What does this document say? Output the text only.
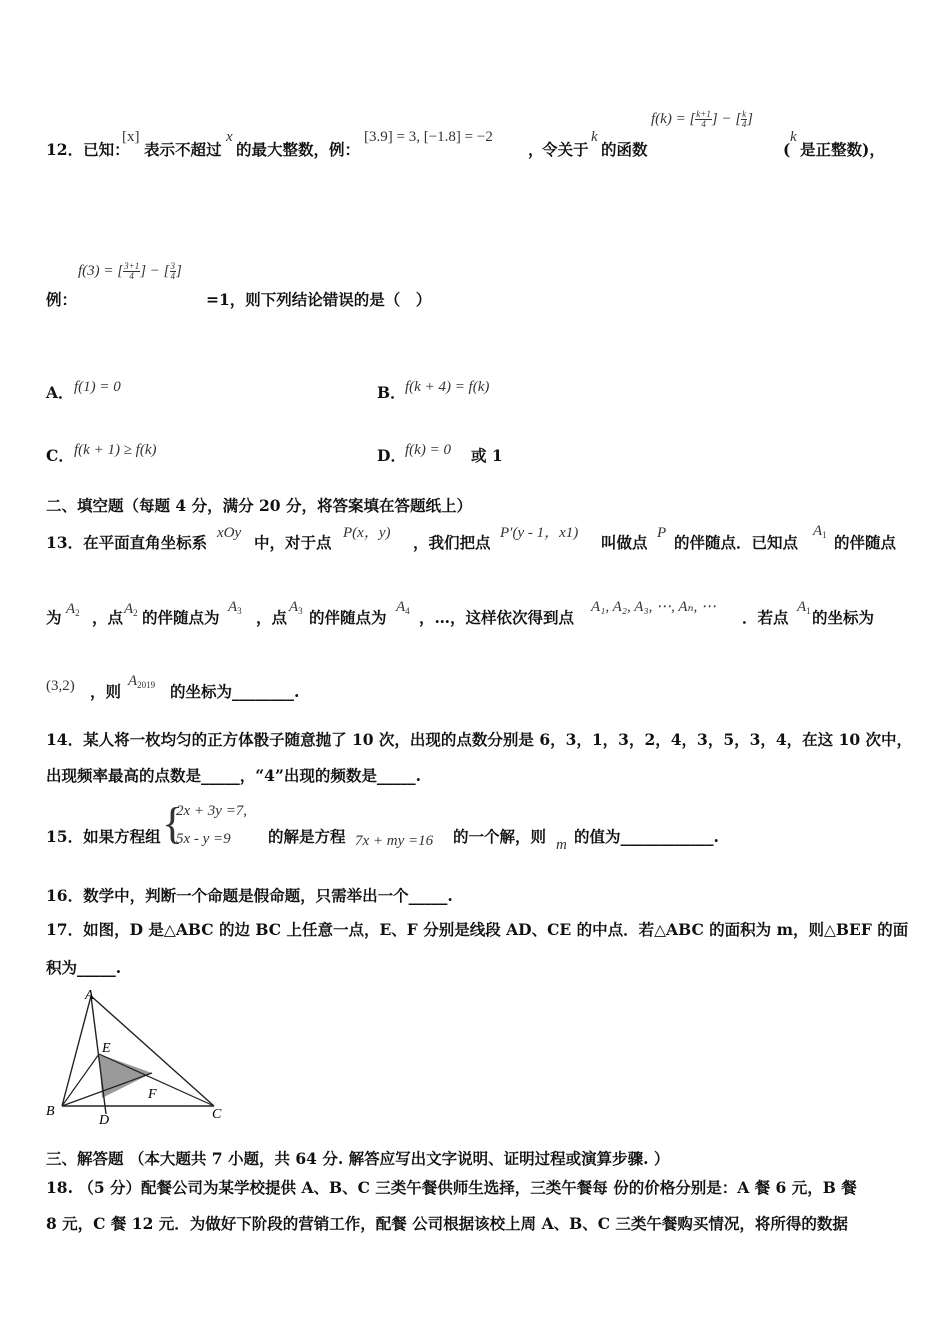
12．已知：
[x]
表示不超过
x
的最大整数，例：
[3.9] = 3, [−1.8] = −2
，
令关于
k
的函数
f(k) = [ $\frac{k+1}{4}$ ] − [ $\frac{k}{4}$ ]
k
( 是正整数)，
f(3) = [ $\frac{3+1}{4}$ ] − [ $\frac{3}{4}$ ]
例：	=1，则下列结论错误的是（　）
A． f(1) = 0	B． f(k + 4) = f(k)
C． f(k + 1) ≥ f(k)	D． f(k) = 0 或 1
二、填空题（每题 4 分，满分 20 分，将答案填在答题纸上）
13．在平面直角坐标系 xOy 中，对于点 P(x，y) ，我们把点 P′(y - 1，x1) 叫做点 P 的伴随点．已知点
$A_1$ 的伴随点
为 $A_2$ ，点 $A_2$ 的伴随点为
$A_3$ ，点
$A_3$ 的伴随点为
$A_4$ ，…，这样依次得到点
A₁, A₂, A₃, ⋯, Aₙ, ⋯
．若点
$A_1$ 的坐标为
(3,2) ，则
$A_{2019}$ 的坐标为________.
14．某人将一枚均匀的正方体骰子随意抛了 10 次，出现的点数分别是 6，3，1，3，2，4，3，5，3，4，在这 10 次中，
出现频率最高的点数是_____，“4”出现的频数是_____.
15．如果方程组 {
2x + 3y =7,
5x - y =9 的解是方程 7x + my =16 的一个解，则 m 的值为____________.
16．数学中，判断一个命题是假命题，只需举出一个_____.
17．如图，D 是△ABC 的边 BC 上任意一点，E、F 分别是线段 AD、CE 的中点．若△ABC 的面积为 m，则△BEF 的面
积为_____.
A
B	C
D
E
F
三、解答题 （本大题共 7 小题，共 64 分. 解答应写出文字说明、证明过程或演算步骤. ）
18. （5 分）配餐公司为某学校提供 A、B、C 三类午餐供师生选择，三类午餐每 份的价格分别是：A 餐 6 元，B 餐
8 元，C 餐 12 元．为做好下阶段的营销工作，配餐 公司根据该校上周 A、B、C 三类午餐购买情况，将所得的数据
